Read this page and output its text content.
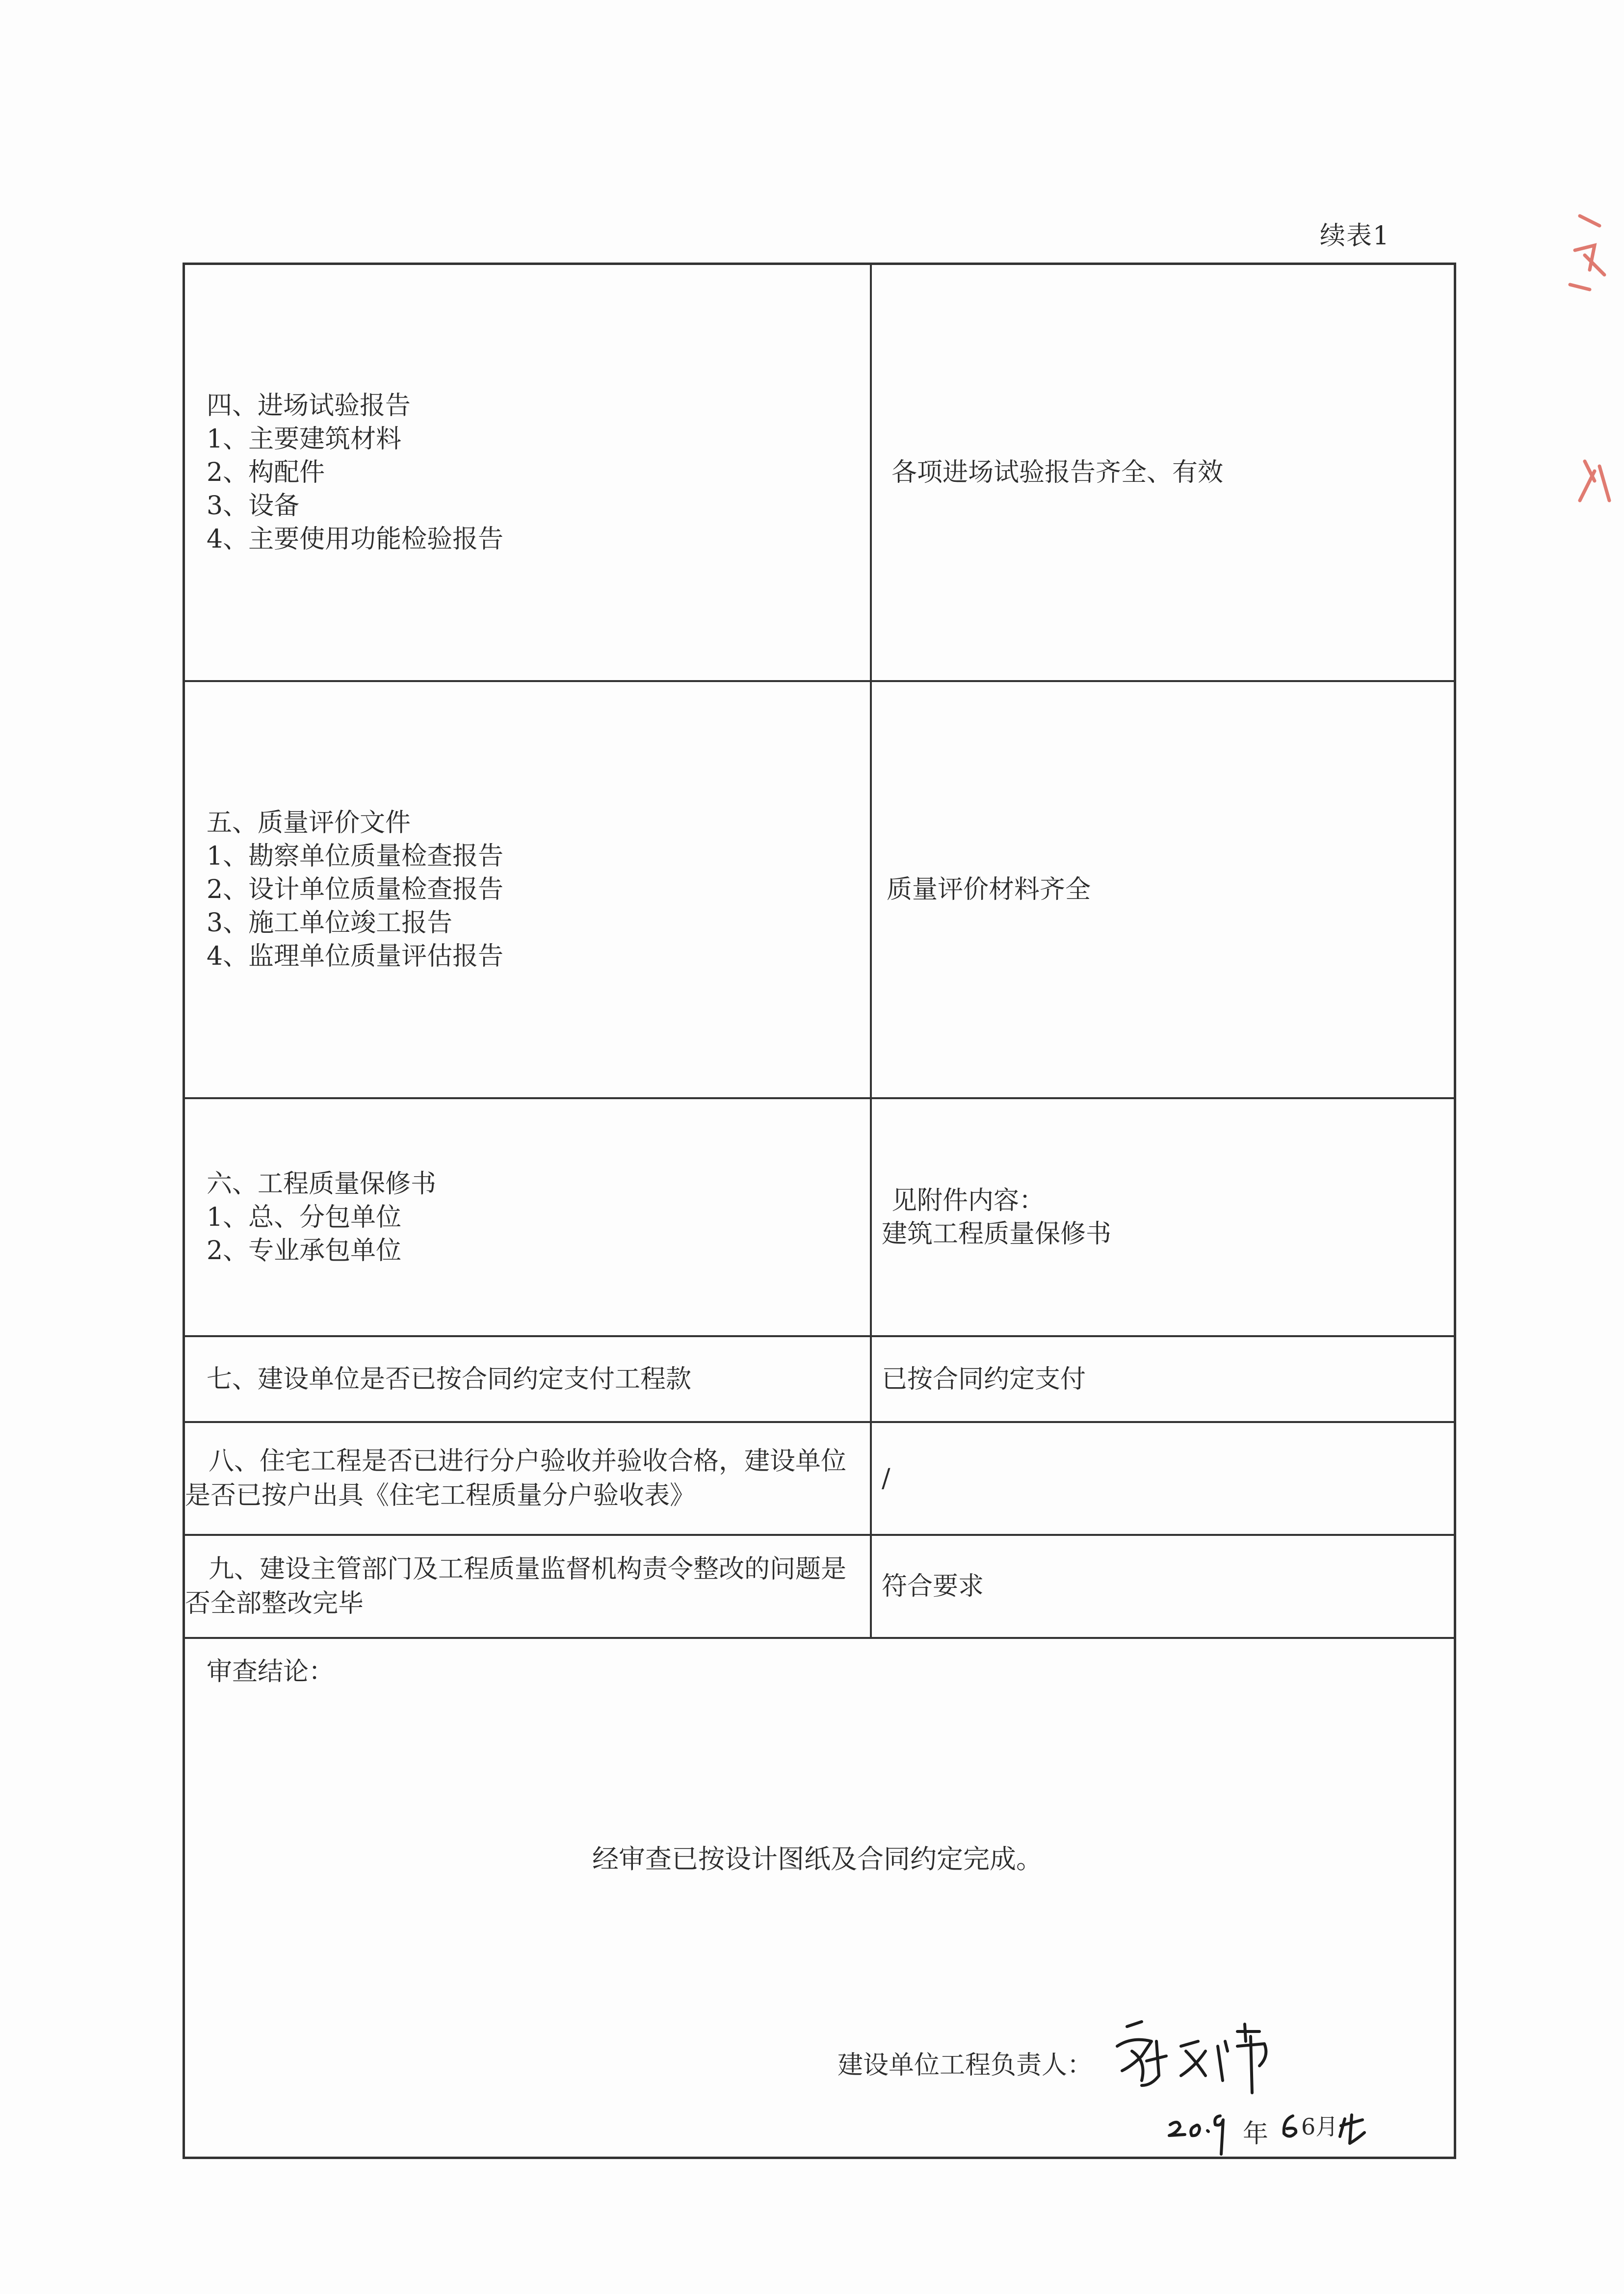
续表1
四、进场试验报告
1、主要建筑材料
2、构配件
3、设备
4、主要使用功能检验报告
各项进场试验报告齐全、有效
五、质量评价文件
1、勘察单位质量检查报告
2、设计单位质量检查报告
3、施工单位竣工报告
4、监理单位质量评估报告
质量评价材料齐全
六、工程质量保修书
1、总、分包单位
2、专业承包单位
见附件内容：
建筑工程质量保修书
七、建设单位是否已按合同约定支付工程款	已按合同约定支付
八、住宅工程是否已进行分户验收并验收合格，建设单位是否已按户出具《住宅工程质量分户验收表》
/
九、建设主管部门及工程质量监督机构责令整改的问题是否全部整改完毕
符合要求
审查结论：
经审查已按设计图纸及合同约定完成。
建设单位工程负责人：
6月
年
